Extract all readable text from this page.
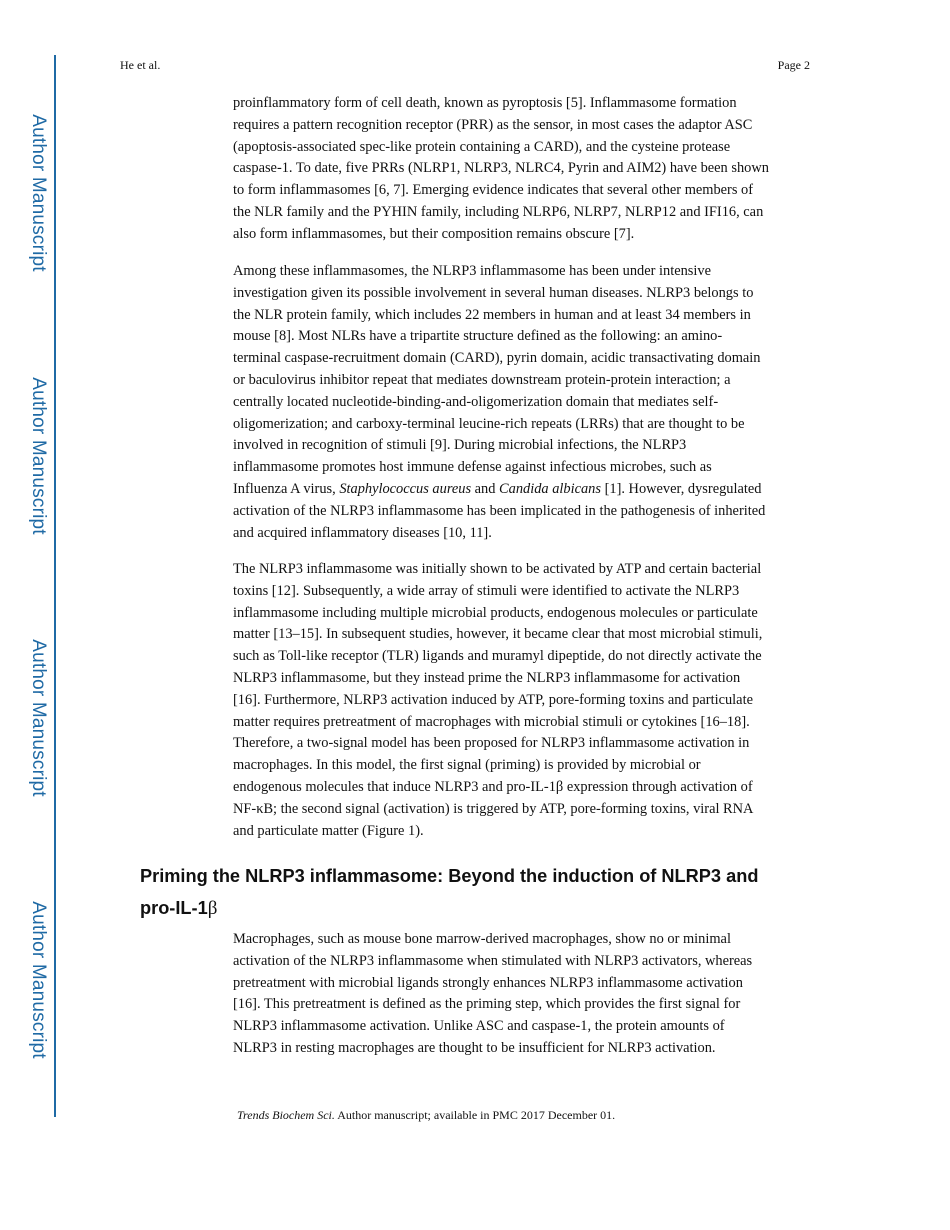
Author Manuscript
Author Manuscript
Author Manuscript
Author Manuscript
He et al.	Page 2

proinflammatory form of cell death, known as pyroptosis [5]. Inflammasome formation
requires a pattern recognition receptor (PRR) as the sensor, in most cases the adaptor ASC
(apoptosis-associated spec-like protein containing a CARD), and the cysteine protease
caspase-1. To date, five PRRs (NLRP1, NLRP3, NLRC4, Pyrin and AIM2) have been shown
to form inflammasomes [6, 7]. Emerging evidence indicates that several other members of
the NLR family and the PYHIN family, including NLRP6, NLRP7, NLRP12 and IFI16, can
also form inflammasomes, but their composition remains obscure [7].

Among these inflammasomes, the NLRP3 inflammasome has been under intensive
investigation given its possible involvement in several human diseases. NLRP3 belongs to
the NLR protein family, which includes 22 members in human and at least 34 members in
mouse [8]. Most NLRs have a tripartite structure defined as the following: an amino-
terminal caspase-recruitment domain (CARD), pyrin domain, acidic transactivating domain
or baculovirus inhibitor repeat that mediates downstream protein-protein interaction; a
centrally located nucleotide-binding-and-oligomerization domain that mediates self-
oligomerization; and carboxy-terminal leucine-rich repeats (LRRs) that are thought to be
involved in recognition of stimuli [9]. During microbial infections, the NLRP3
inflammasome promotes host immune defense against infectious microbes, such as
Influenza A virus, Staphylococcus aureus and Candida albicans [1]. However, dysregulated
activation of the NLRP3 inflammasome has been implicated in the pathogenesis of inherited
and acquired inflammatory diseases [10, 11].

The NLRP3 inflammasome was initially shown to be activated by ATP and certain bacterial
toxins [12]. Subsequently, a wide array of stimuli were identified to activate the NLRP3
inflammasome including multiple microbial products, endogenous molecules or particulate
matter [13–15]. In subsequent studies, however, it became clear that most microbial stimuli,
such as Toll-like receptor (TLR) ligands and muramyl dipeptide, do not directly activate the
NLRP3 inflammasome, but they instead prime the NLRP3 inflammasome for activation
[16]. Furthermore, NLRP3 activation induced by ATP, pore-forming toxins and particulate
matter requires pretreatment of macrophages with microbial stimuli or cytokines [16–18].
Therefore, a two-signal model has been proposed for NLRP3 inflammasome activation in
macrophages. In this model, the first signal (priming) is provided by microbial or
endogenous molecules that induce NLRP3 and pro-IL-1β expression through activation of
NF-κB; the second signal (activation) is triggered by ATP, pore-forming toxins, viral RNA
and particulate matter (Figure 1).

Priming the NLRP3 inflammasome: Beyond the induction of NLRP3 and
pro-IL-1β

Macrophages, such as mouse bone marrow-derived macrophages, show no or minimal
activation of the NLRP3 inflammasome when stimulated with NLRP3 activators, whereas
pretreatment with microbial ligands strongly enhances NLRP3 inflammasome activation
[16]. This pretreatment is defined as the priming step, which provides the first signal for
NLRP3 inflammasome activation. Unlike ASC and caspase-1, the protein amounts of
NLRP3 in resting macrophages are thought to be insufficient for NLRP3 activation.

Trends Biochem Sci. Author manuscript; available in PMC 2017 December 01.
